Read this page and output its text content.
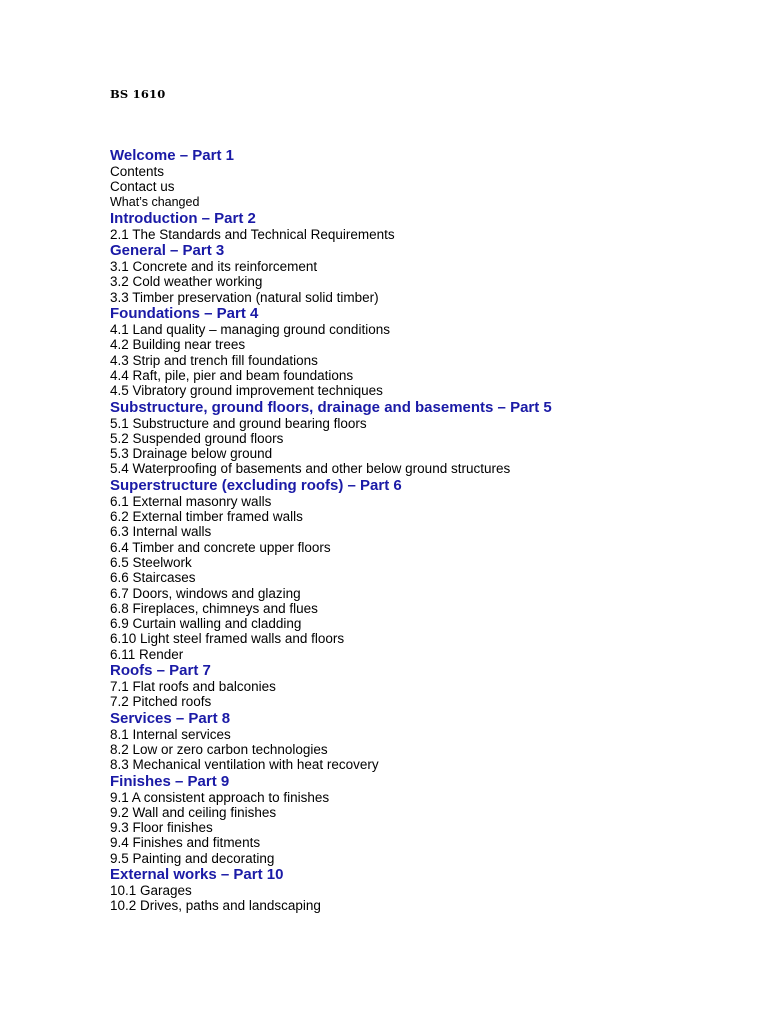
BS 1610
Welcome – Part 1
Contents
Contact us
What’s changed
Introduction – Part 2
2.1 The Standards and Technical Requirements
General – Part 3
3.1 Concrete and its reinforcement
3.2 Cold weather working
3.3 Timber preservation (natural solid timber)
Foundations – Part 4
4.1 Land quality – managing ground conditions
4.2 Building near trees
4.3 Strip and trench fill foundations
4.4 Raft, pile, pier and beam foundations
4.5 Vibratory ground improvement techniques
Substructure, ground floors, drainage and basements – Part 5
5.1 Substructure and ground bearing floors
5.2 Suspended ground floors
5.3 Drainage below ground
5.4 Waterproofing of basements and other below ground structures
Superstructure (excluding roofs) – Part 6
6.1 External masonry walls
6.2 External timber framed walls
6.3 Internal walls
6.4 Timber and concrete upper floors
6.5 Steelwork
6.6 Staircases
6.7 Doors, windows and glazing
6.8 Fireplaces, chimneys and flues
6.9 Curtain walling and cladding
6.10 Light steel framed walls and floors
6.11 Render
Roofs – Part 7
7.1 Flat roofs and balconies
7.2 Pitched roofs
Services – Part 8
8.1 Internal services
8.2 Low or zero carbon technologies
8.3 Mechanical ventilation with heat recovery
Finishes – Part 9
9.1 A consistent approach to finishes
9.2 Wall and ceiling finishes
9.3 Floor finishes
9.4 Finishes and fitments
9.5 Painting and decorating
External works – Part 10
10.1 Garages
10.2 Drives, paths and landscaping
